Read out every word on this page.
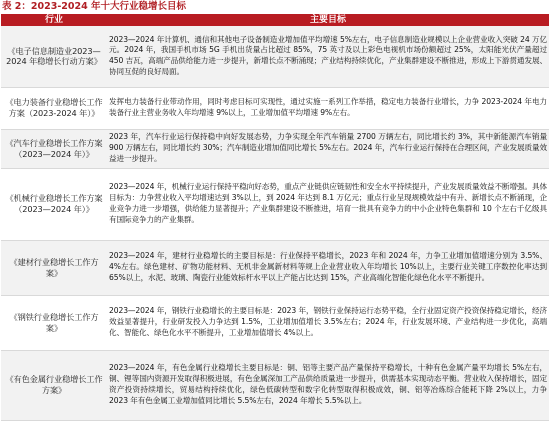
表 2：2023-2024 年十大行业稳增长目标
行业	主要目标
《电子信息制造业2023—2024 年稳增长行动方案》	2023—2024 年计算机、通信和其他电子设备制造业增加值平均增速 5%左右，电子信息制造业规模以上企业营业收入突破 24 万亿元。2024 年，我国手机市场 5G 手机出货量占比超过 85%，75 英寸及以上彩色电视机市场份额超过 25%，太阳能光伏产量超过 450 吉瓦，高端产品供给能力进一步提升，新增长点不断涌现；产业结构持续优化，产业集群建设不断推进，形成上下游贯通发展、协同互促的良好局面。
《电力装备行业稳增长工作方案（2023-2024 年）》	发挥电力装备行业带动作用，同时考虑目标可实现性，通过实施一系列工作举措，稳定电力装备行业增长，力争 2023-2024 年电力装备行业主营业务收入年均增速 9%以上，工业增加值平均增速 9%左右。
《汽车行业稳增长工作方案（2023—2024 年）》	2023 年，汽车行业运行保持稳中向好发展态势，力争实现全年汽车销量 2700 万辆左右，同比增长约 3%，其中新能源汽车销量 900 万辆左右，同比增长约 30%；汽车制造业增加值同比增长 5%左右。2024 年，汽车行业运行保持在合理区间，产业发展质量效益进一步提升。
《机械行业稳增长工作方案（2023—2024 年）》	2023—2024 年，机械行业运行保持平稳向好态势，重点产业链供应链韧性和安全水平持续提升，产业发展质量效益不断增强。具体目标为：力争营业收入平均增速达到 3%以上，到 2024 年达到 8.1 万亿元；重点行业呈现规模效益中有升、新增长点不断涌现，企业竞争力进一步增强，供给能力显著提升；产业集群建设不断推进，培育一批具有竞争力的中小企业特色集群和 10 个左右千亿级具有国际竞争力的产业集群。
《建材行业稳增长工作方案》	2023—2024 年，建材行业稳增长的主要目标是：行业保持平稳增长，2023 年和 2024 年，力争工业增加值增速分别为 3.5%、4%左右。绿色建材、矿物功能材料、无机非金属新材料等规上企业营业收入年均增长 10%以上，主要行业关键工序数控化率达到 65%以上，水泥、玻璃、陶瓷行业能效标杆水平以上产能占比达到 15%，产业高端化智能化绿色化水平不断提升。
《钢铁行业稳增长工作方案》	2023—2024 年，钢铁行业稳增长的主要目标是：2023 年，钢铁行业保持运行态势平稳，全行业固定资产投资保持稳定增长，经济效益显著提升，行业研发投入力争达到 1.5%，工业增加值增长 3.5%左右；2024 年，行业发展环境、产业结构进一步优化，高端化、智能化、绿色化水平不断提升，工业增加值增长 4%以上。
《有色金属行业稳增长工作方案》	2023—2024 年，有色金属行业稳增长主要目标是：铜、铝等主要产品产量保持平稳增长，十种有色金属产量平均增长 5%左右，铜、锂等国内资源开发取得积极进展，有色金属深加工产品供给质量进一步提升，供需基本实现动态平衡。营业收入保持增长，固定资产投资持续增长，贸易结构持续优化，绿色低碳转型和数字化转型取得积极成效，铜、铝等冶炼综合能耗下降 2%以上，力争 2023 年有色金属工业增加值同比增长 5.5%左右，2024 年增长 5.5%以上。
